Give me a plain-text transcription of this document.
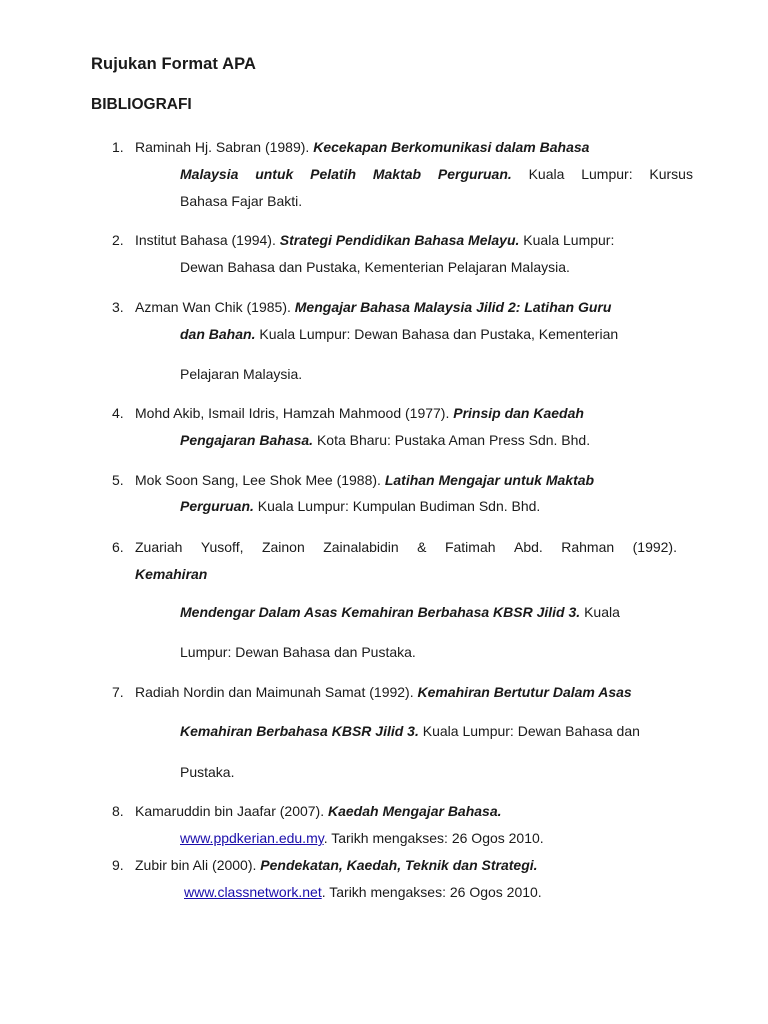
Rujukan Format APA
BIBLIOGRAFI
1. Raminah Hj. Sabran (1989). Kecekapan Berkomunikasi dalam Bahasa
Malaysia untuk Pelatih Maktab Perguruan. Kuala Lumpur: Kursus
Bahasa Fajar Bakti.
2. Institut Bahasa (1994). Strategi Pendidikan Bahasa Melayu. Kuala Lumpur:
Dewan Bahasa dan Pustaka, Kementerian Pelajaran Malaysia.
3. Azman Wan Chik (1985). Mengajar Bahasa Malaysia Jilid 2: Latihan Guru
dan Bahan. Kuala Lumpur: Dewan Bahasa dan Pustaka, Kementerian
Pelajaran Malaysia.
4. Mohd Akib, Ismail Idris, Hamzah Mahmood (1977). Prinsip dan Kaedah
Pengajaran Bahasa. Kota Bharu: Pustaka Aman Press Sdn. Bhd.
5. Mok Soon Sang, Lee Shok Mee (1988). Latihan Mengajar untuk Maktab
Perguruan. Kuala Lumpur: Kumpulan Budiman Sdn. Bhd.
6. Zuariah Yusoff, Zainon Zainalabidin & Fatimah Abd. Rahman (1992).
Kemahiran
Mendengar Dalam Asas Kemahiran Berbahasa KBSR Jilid 3. Kuala
Lumpur: Dewan Bahasa dan Pustaka.
7. Radiah Nordin dan Maimunah Samat (1992). Kemahiran Bertutur Dalam Asas
Kemahiran Berbahasa KBSR Jilid 3. Kuala Lumpur: Dewan Bahasa dan
Pustaka.
8. Kamaruddin bin Jaafar (2007). Kaedah Mengajar Bahasa.
www.ppdkerian.edu.my. Tarikh mengakses: 26 Ogos 2010.
9. Zubir bin Ali (2000). Pendekatan, Kaedah, Teknik dan Strategi.
www.classnetwork.net. Tarikh mengakses: 26 Ogos 2010.
